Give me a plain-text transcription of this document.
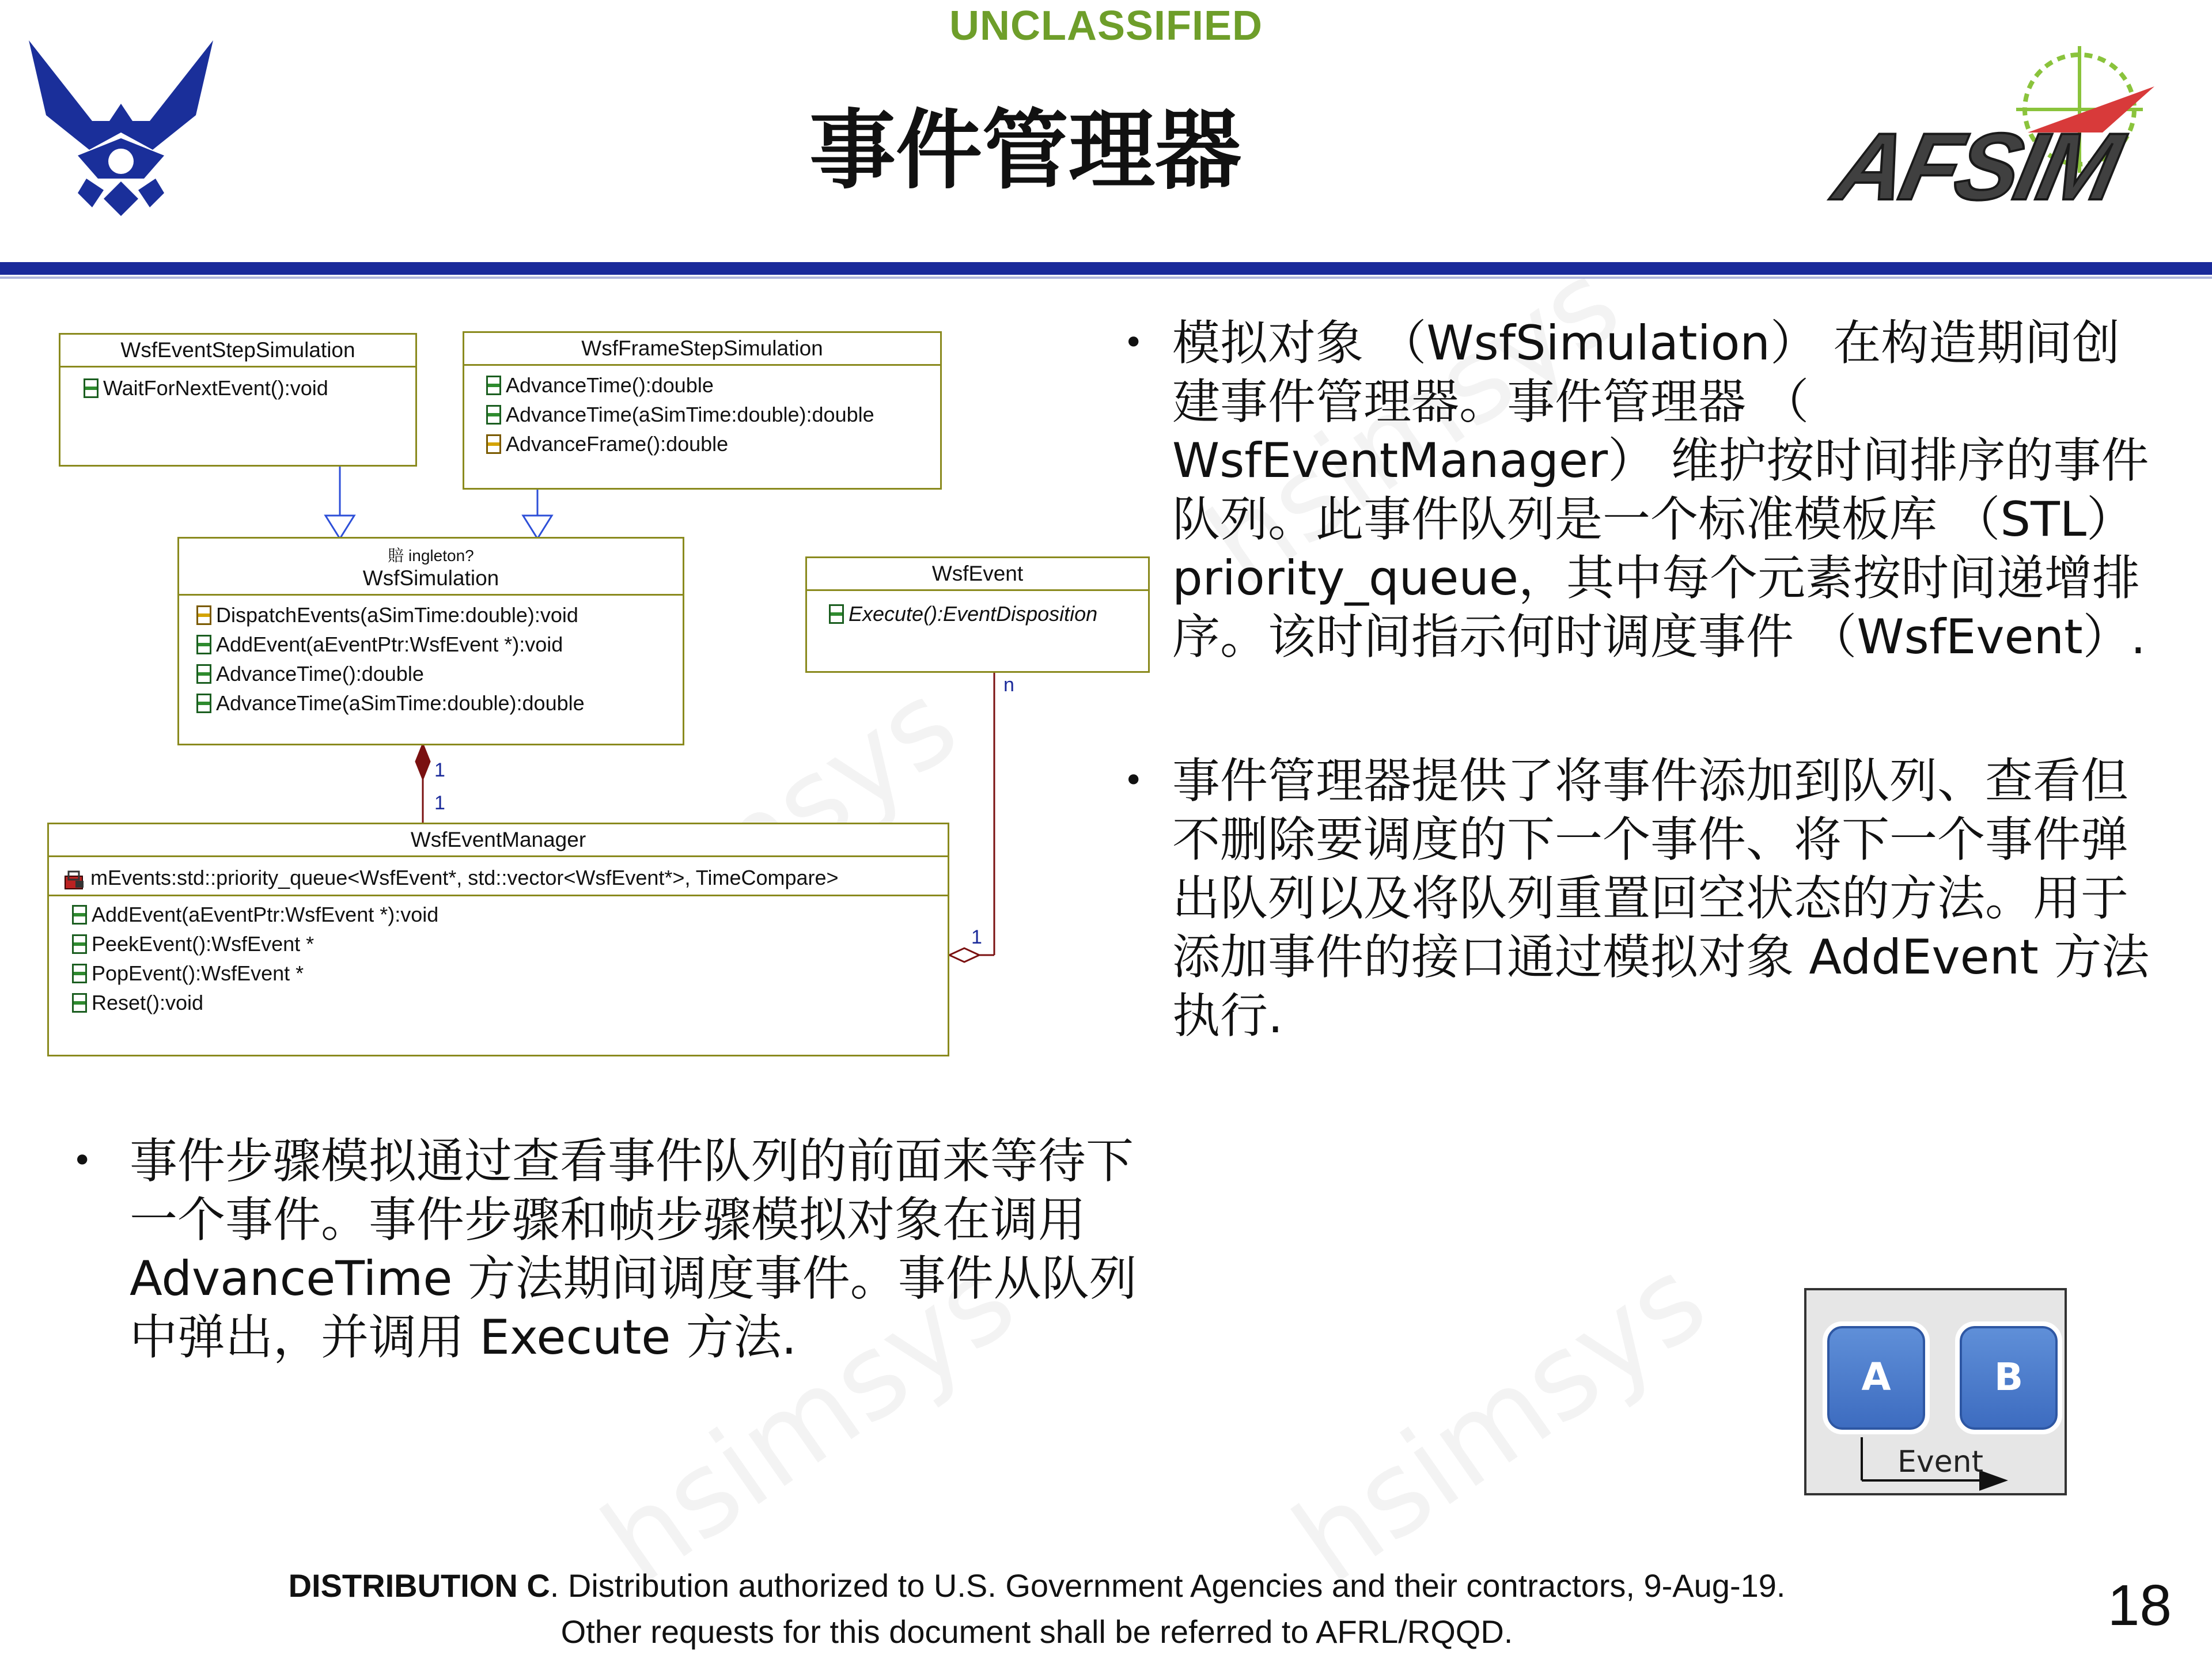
UNCLASSIFIED
事件管理器	AFSIM
1
1
n
1
WsfEventStepSimulation
WaitForNextEvent():void
WsfFrameStepSimulation
AdvanceTime():double
AdvanceTime(aSimTime:double):double
AdvanceFrame():double
賠 ingleton?
WsfSimulation
DispatchEvents(aSimTime:double):void
AddEvent(aEventPtr:WsfEvent *):void
AdvanceTime():double
AdvanceTime(aSimTime:double):double
WsfEvent
Execute():EventDisposition
WsfEventManager
mEvents:std::priority_queue<WsfEvent*, std::vector<WsfEvent*>, TimeCompare>
AddEvent(aEventPtr:WsfEvent *):void
PeekEvent():WsfEvent *
PopEvent():WsfEvent *
Reset():void
• 模拟对象 （WsfSimulation） 在构造期间创建事件管理器。事件管理器 （ WsfEventManager） 维护按时间排序的事件队列。此事件队列是一个标准模板库 （STL） priority_queue，其中每个元素按时间递增排序。该时间指示何时调度事件 （WsfEvent）.
• 事件管理器提供了将事件添加到队列、查看但不删除要调度的下一个事件、将下一个事件弹出队列以及将队列重置回空状态的方法。用于添加事件的接口通过模拟对象 AddEvent 方法执行.
• 事件步骤模拟通过查看事件队列的前面来等待下一个事件。事件步骤和帧步骤模拟对象在调用 AdvanceTime 方法期间调度事件。事件从队列中弹出，并调用 Execute 方法.
A	B
Event
DISTRIBUTION C. Distribution authorized to U.S. Government Agencies and their contractors, 9-Aug-19.
Other requests for this document shall be referred to AFRL/RQQD.	18
